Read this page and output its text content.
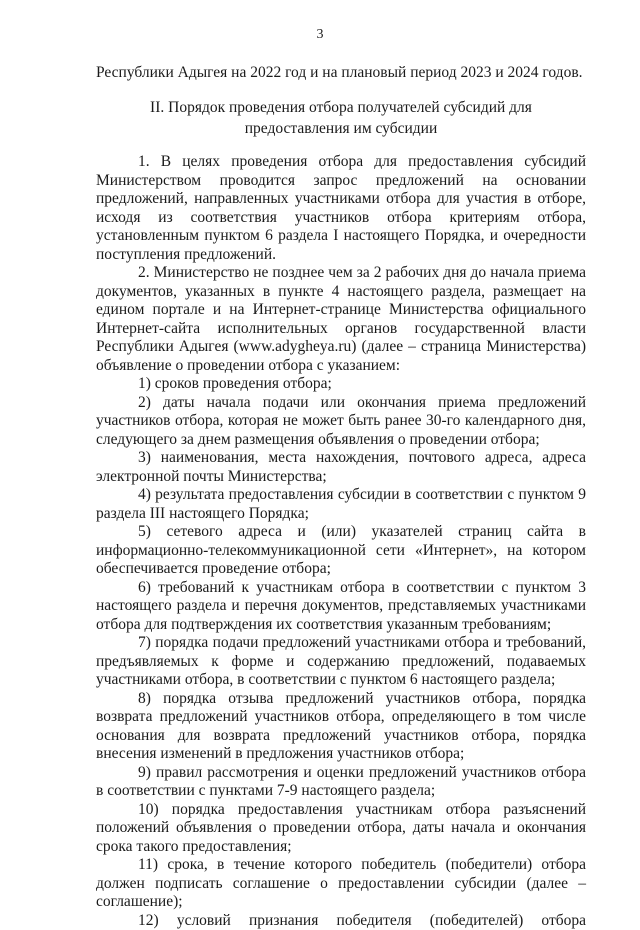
3
Республики Адыгея на 2022 год и на плановый период 2023 и 2024 годов.
II. Порядок проведения отбора получателей субсидий для предоставления им субсидии

1. В целях проведения отбора для предоставления субсидий Министерством проводится запрос предложений на основании предложений, направленных участниками отбора для участия в отборе, исходя из соответствия участников отбора критериям отбора, установленным пунктом 6 раздела I настоящего Порядка, и очередности поступления предложений.

2. Министерство не позднее чем за 2 рабочих дня до начала приема документов, указанных в пункте 4 настоящего раздела, размещает на едином портале и на Интернет-странице Министерства официального Интернет-сайта исполнительных органов государственной власти Республики Адыгея (www.adygheya.ru) (далее – страница Министерства) объявление о проведении отбора с указанием:

1) сроков проведения отбора;

2) даты начала подачи или окончания приема предложений участников отбора, которая не может быть ранее 30-го календарного дня, следующего за днем размещения объявления о проведении отбора;

3) наименования, места нахождения, почтового адреса, адреса электронной почты Министерства;

4) результата предоставления субсидии в соответствии с пунктом 9 раздела III настоящего Порядка;

5) сетевого адреса и (или) указателей страниц сайта в информационно-телекоммуникационной сети «Интернет», на котором обеспечивается проведение отбора;

6) требований к участникам отбора в соответствии с пунктом 3 настоящего раздела и перечня документов, представляемых участниками отбора для подтверждения их соответствия указанным требованиям;

7) порядка подачи предложений участниками отбора и требований, предъявляемых к форме и содержанию предложений, подаваемых участниками отбора, в соответствии с пунктом 6 настоящего раздела;

8) порядка отзыва предложений участников отбора, порядка возврата предложений участников отбора, определяющего в том числе основания для возврата предложений участников отбора, порядка внесения изменений в предложения участников отбора;

9) правил рассмотрения и оценки предложений участников отбора в соответствии с пунктами 7-9 настоящего раздела;

10) порядка предоставления участникам отбора разъяснений положений объявления о проведении отбора, даты начала и окончания срока такого предоставления;

11) срока, в течение которого победитель (победители) отбора должен подписать соглашение о предоставлении субсидии (далее – соглашение);

12) условий признания победителя (победителей) отбора
